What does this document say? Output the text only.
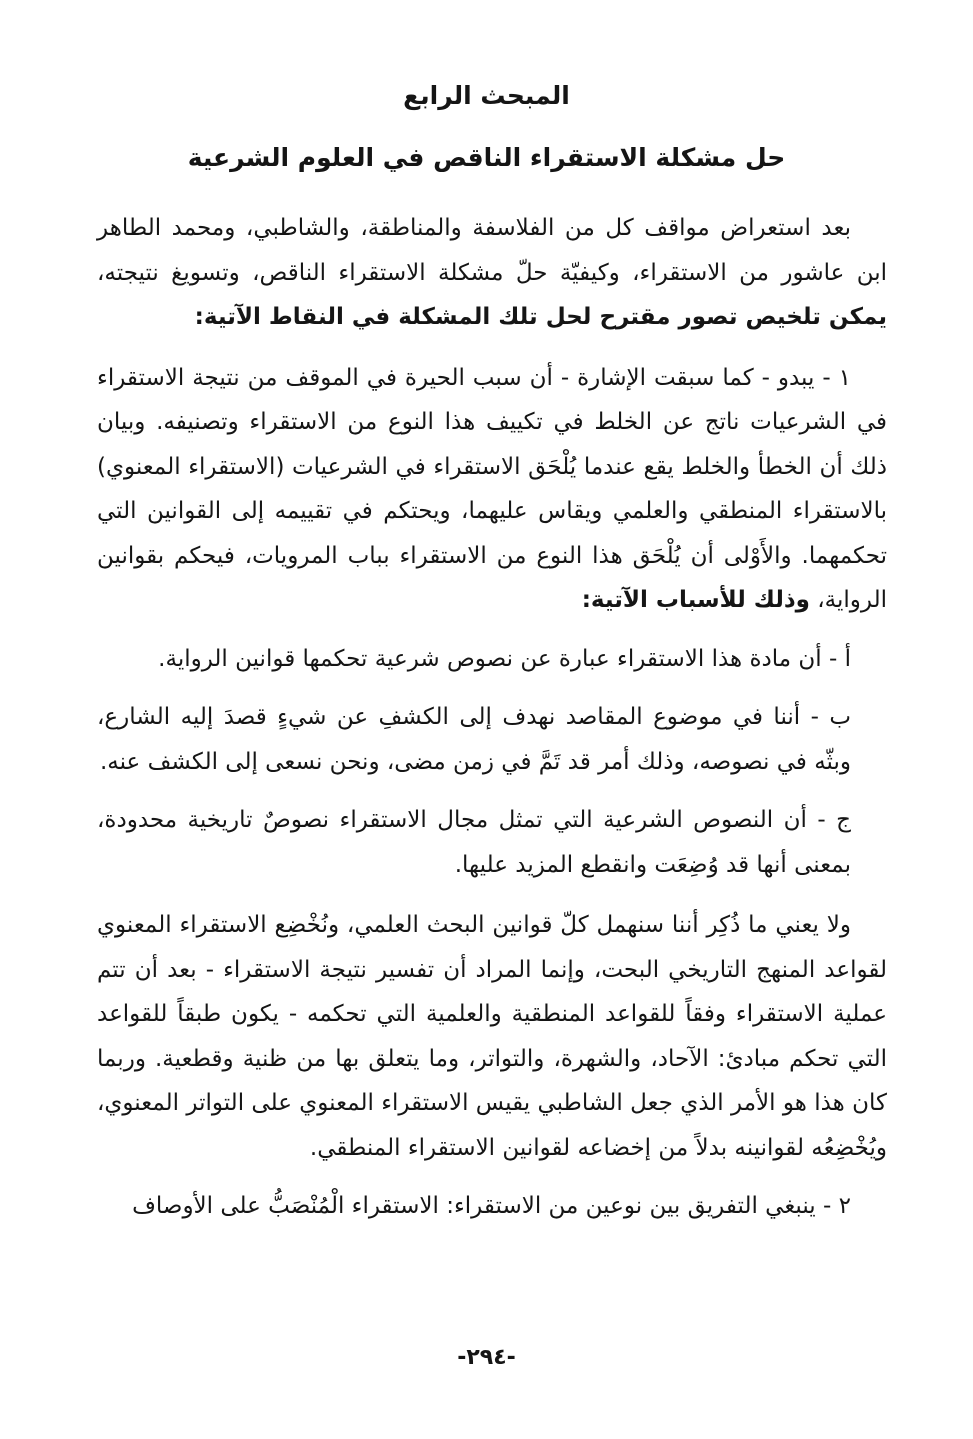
المبحث الرابع
حل مشكلة الاستقراء الناقص في العلوم الشرعية

بعد استعراض مواقف كل من الفلاسفة والمناطقة، والشاطبي، ومحمد الطاهر ابن عاشور من الاستقراء، وكيفيّة حلّ مشكلة الاستقراء الناقص، وتسويغ نتيجته، يمكن تلخيص تصور مقترح لحل تلك المشكلة في النقاط الآتية:

١ - يبدو - كما سبقت الإشارة - أن سبب الحيرة في الموقف من نتيجة الاستقراء في الشرعيات ناتج عن الخلط في تكييف هذا النوع من الاستقراء وتصنيفه. وبيان ذلك أن الخطأ والخلط يقع عندما يُلْحَق الاستقراء في الشرعيات (الاستقراء المعنوي) بالاستقراء المنطقي والعلمي ويقاس عليهما، ويحتكم في تقييمه إلى القوانين التي تحكمهما. والأَوْلى أن يُلْحَق هذا النوع من الاستقراء بباب المرويات، فيحكم بقوانين الرواية، وذلك للأسباب الآتية:

أ - أن مادة هذا الاستقراء عبارة عن نصوص شرعية تحكمها قوانين الرواية.

ب - أننا في موضوع المقاصد نهدف إلى الكشفِ عن شيءٍ قصدَ إليه الشارع، وبثّه في نصوصه، وذلك أمر قد تَمَّ في زمن مضى، ونحن نسعى إلى الكشف عنه.

ج - أن النصوص الشرعية التي تمثل مجال الاستقراء نصوصٌ تاريخية محدودة، بمعنى أنها قد وُضِعَت وانقطع المزيد عليها.

ولا يعني ما ذُكِر أننا سنهمل كلّ قوانين البحث العلمي، ونُخْضِع الاستقراء المعنوي لقواعد المنهج التاريخي البحت، وإنما المراد أن تفسير نتيجة الاستقراء - بعد أن تتم عملية الاستقراء وفقاً للقواعد المنطقية والعلمية التي تحكمه - يكون طبقاً للقواعد التي تحكم مبادئ: الآحاد، والشهرة، والتواتر، وما يتعلق بها من ظنية وقطعية. وربما كان هذا هو الأمر الذي جعل الشاطبي يقيس الاستقراء المعنوي على التواتر المعنوي، ويُخْضِعُه لقوانينه بدلاً من إخضاعه لقوانين الاستقراء المنطقي.

٢ - ينبغي التفريق بين نوعين من الاستقراء: الاستقراء الْمُنْصَبُّ على الأوصاف

-٢٩٤-
